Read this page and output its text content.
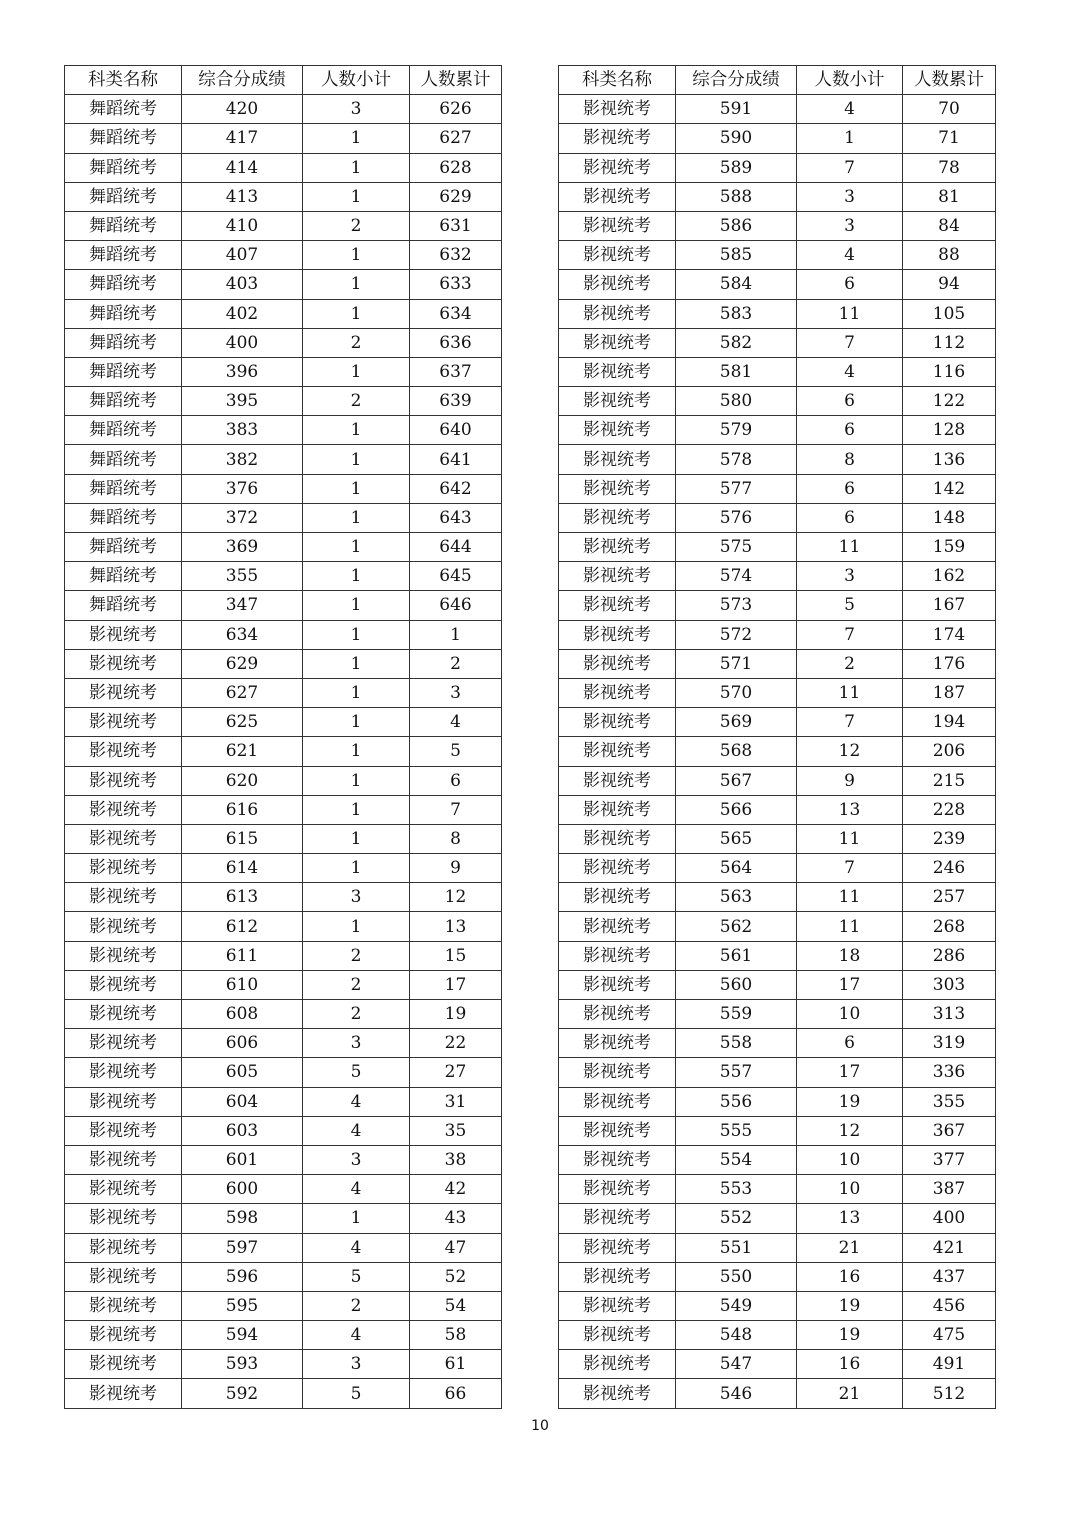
科类名称	综合分成绩	人数小计	人数累计
舞蹈统考	420	3	626
舞蹈统考	417	1	627
舞蹈统考	414	1	628
舞蹈统考	413	1	629
舞蹈统考	410	2	631
舞蹈统考	407	1	632
舞蹈统考	403	1	633
舞蹈统考	402	1	634
舞蹈统考	400	2	636
舞蹈统考	396	1	637
舞蹈统考	395	2	639
舞蹈统考	383	1	640
舞蹈统考	382	1	641
舞蹈统考	376	1	642
舞蹈统考	372	1	643
舞蹈统考	369	1	644
舞蹈统考	355	1	645
舞蹈统考	347	1	646
影视统考	634	1	1
影视统考	629	1	2
影视统考	627	1	3
影视统考	625	1	4
影视统考	621	1	5
影视统考	620	1	6
影视统考	616	1	7
影视统考	615	1	8
影视统考	614	1	9
影视统考	613	3	12
影视统考	612	1	13
影视统考	611	2	15
影视统考	610	2	17
影视统考	608	2	19
影视统考	606	3	22
影视统考	605	5	27
影视统考	604	4	31
影视统考	603	4	35
影视统考	601	3	38
影视统考	600	4	42
影视统考	598	1	43
影视统考	597	4	47
影视统考	596	5	52
影视统考	595	2	54
影视统考	594	4	58
影视统考	593	3	61
影视统考	592	5	66
科类名称	综合分成绩	人数小计	人数累计
影视统考	591	4	70
影视统考	590	1	71
影视统考	589	7	78
影视统考	588	3	81
影视统考	586	3	84
影视统考	585	4	88
影视统考	584	6	94
影视统考	583	11	105
影视统考	582	7	112
影视统考	581	4	116
影视统考	580	6	122
影视统考	579	6	128
影视统考	578	8	136
影视统考	577	6	142
影视统考	576	6	148
影视统考	575	11	159
影视统考	574	3	162
影视统考	573	5	167
影视统考	572	7	174
影视统考	571	2	176
影视统考	570	11	187
影视统考	569	7	194
影视统考	568	12	206
影视统考	567	9	215
影视统考	566	13	228
影视统考	565	11	239
影视统考	564	7	246
影视统考	563	11	257
影视统考	562	11	268
影视统考	561	18	286
影视统考	560	17	303
影视统考	559	10	313
影视统考	558	6	319
影视统考	557	17	336
影视统考	556	19	355
影视统考	555	12	367
影视统考	554	10	377
影视统考	553	10	387
影视统考	552	13	400
影视统考	551	21	421
影视统考	550	16	437
影视统考	549	19	456
影视统考	548	19	475
影视统考	547	16	491
影视统考	546	21	512
10
